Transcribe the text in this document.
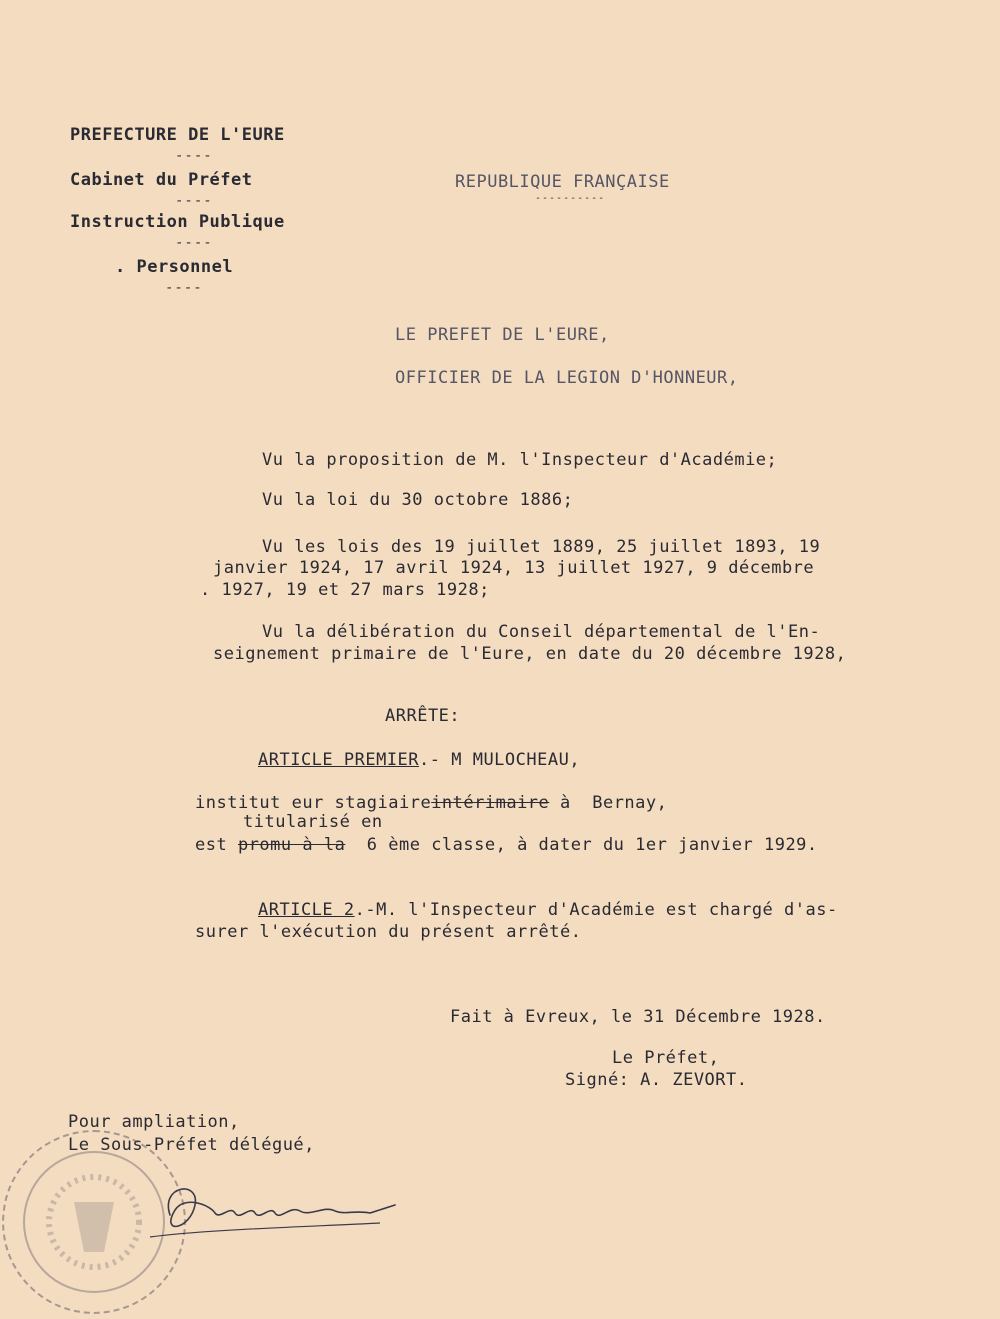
PREFECTURE DE L'EURE
----
Cabinet du Préfet
----
Instruction Publique
----
. Personnel
----
REPUBLIQUE FRANÇAISE
----------
LE PREFET DE L'EURE,
OFFICIER DE LA LEGION D'HONNEUR,
Vu la proposition de M. l'Inspecteur d'Académie;
Vu la loi du 30 octobre 1886;
Vu les lois des 19 juillet 1889, 25 juillet 1893, 19
janvier 1924, 17 avril 1924, 13 juillet 1927, 9 décembre
. 1927, 19 et 27 mars 1928;
Vu la délibération du Conseil départemental de l'En-
seignement primaire de l'Eure, en date du 20 décembre 1928,
ARRÊTE:
ARTICLE PREMIER.- M MULOCHEAU,
institut eur stagiaireintérimaire à  Bernay,
titularisé en
est promu à la  6 ème classe, à dater du 1er janvier 1929.
ARTICLE 2.-M. l'Inspecteur d'Académie est chargé d'as-
surer l'exécution du présent arrêté.
Fait à Evreux, le 31 Décembre 1928.
Le Préfet,
Signé: A. ZEVORT.
Pour ampliation,
Le Sous-Préfet délégué,
